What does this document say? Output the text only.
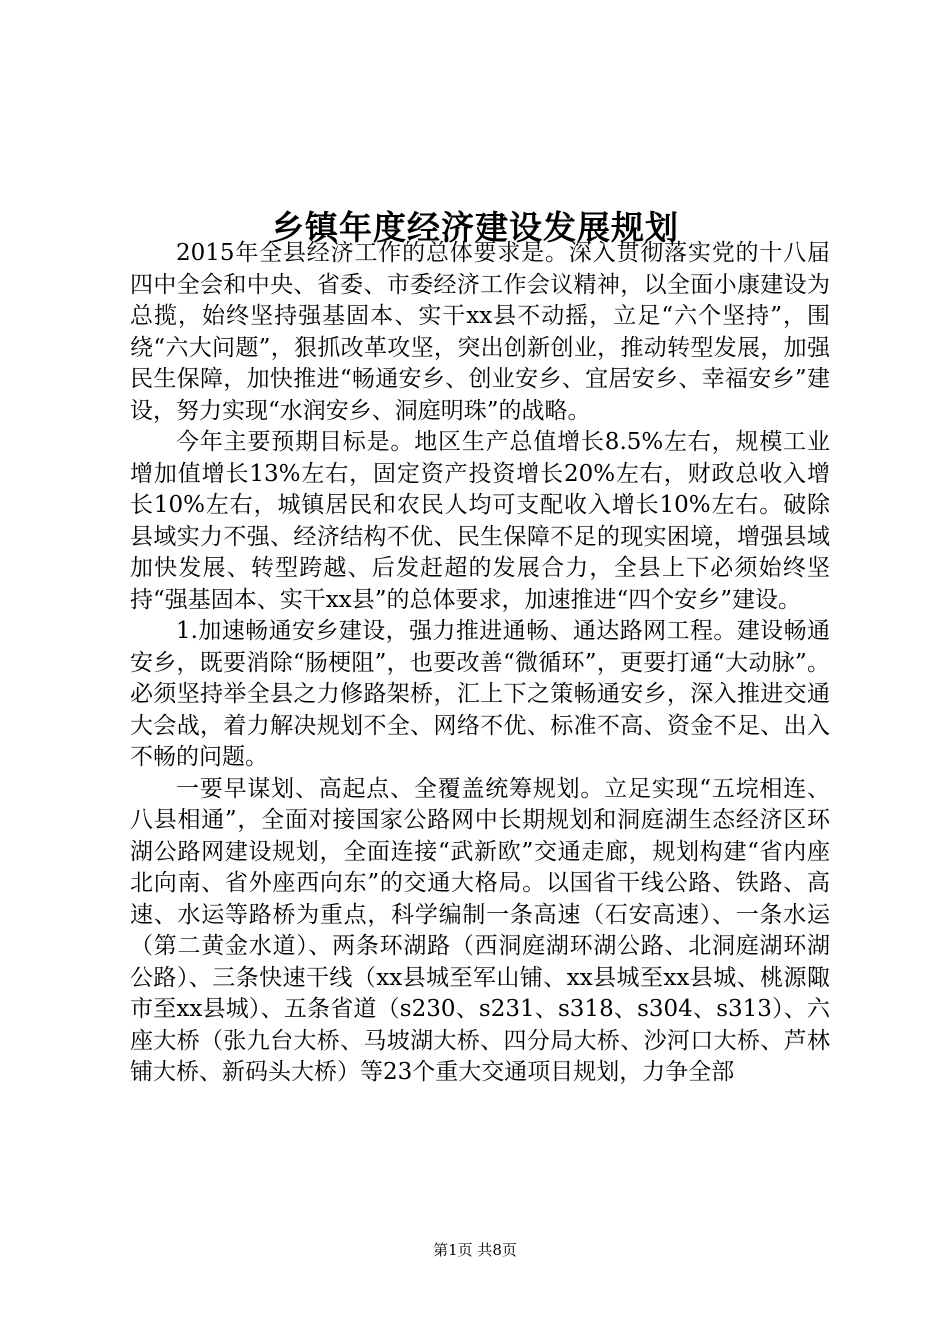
乡镇年度经济建设发展规划

2015年全县经济工作的总体要求是。深入贯彻落实党的十八届四中全会和中央、省委、市委经济工作会议精神，以全面小康建设为总揽，始终坚持强基固本、实干xx县不动摇，立足“六个坚持”，围绕“六大问题”，狠抓改革攻坚，突出创新创业，推动转型发展，加强民生保障，加快推进“畅通安乡、创业安乡、宜居安乡、幸福安乡”建设，努力实现“水润安乡、洞庭明珠”的战略。

今年主要预期目标是。地区生产总值增长8.5%左右，规模工业增加值增长13%左右，固定资产投资增长20%左右，财政总收入增长10%左右，城镇居民和农民人均可支配收入增长10%左右。破除县域实力不强、经济结构不优、民生保障不足的现实困境，增强县域加快发展、转型跨越、后发赶超的发展合力，全县上下必须始终坚持“强基固本、实干xx县”的总体要求，加速推进“四个安乡”建设。

1.加速畅通安乡建设，强力推进通畅、通达路网工程。建设畅通安乡，既要消除“肠梗阻”，也要改善“微循环”，更要打通“大动脉”。必须坚持举全县之力修路架桥，汇上下之策畅通安乡，深入推进交通大会战，着力解决规划不全、网络不优、标准不高、资金不足、出入不畅的问题。

一要早谋划、高起点、全覆盖统筹规划。立足实现“五垸相连、八县相通”，全面对接国家公路网中长期规划和洞庭湖生态经济区环湖公路网建设规划，全面连接“武新欧”交通走廊，规划构建“省内座北向南、省外座西向东”的交通大格局。以国省干线公路、铁路、高速、水运等路桥为重点，科学编制一条高速（石安高速）、一条水运（第二黄金水道）、两条环湖路（西洞庭湖环湖公路、北洞庭湖环湖公路）、三条快速干线（xx县城至军山铺、xx县城至xx县城、桃源陬市至xx县城）、五条省道（s230、s231、s318、s304、s313）、六座大桥（张九台大桥、马坡湖大桥、四分局大桥、沙河口大桥、芦林铺大桥、新码头大桥）等23个重大交通项目规划，力争全部

第1页 共8页
